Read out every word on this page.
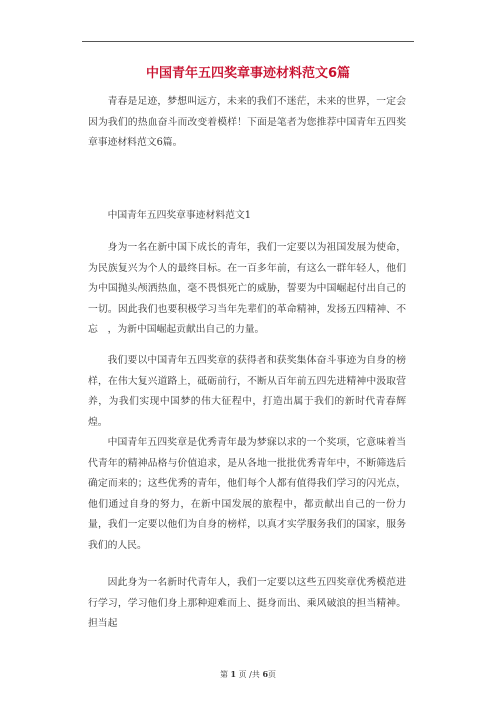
中国青年五四奖章事迹材料范文6篇

青春是足迹，梦想叫远方，未来的我们不迷茫，未来的世界，一定会因为我们的热血奋斗而改变着模样！下面是笔者为您推荐中国青年五四奖章事迹材料范文6篇。

中国青年五四奖章事迹材料范文1

身为一名在新中国下成长的青年，我们一定要以为祖国发展为使命，为民族复兴为个人的最终目标。在一百多年前，有这么一群年轻人，他们为中国抛头颅洒热血，毫不畏惧死亡的威胁，誓要为中国崛起付出自己的一切。因此我们也要积极学习当年先辈们的革命精神，发扬五四精神、不忘　，为新中国崛起贡献出自己的力量。

我们要以中国青年五四奖章的获得者和获奖集体奋斗事迹为自身的榜样，在伟大复兴道路上，砥砺前行，不断从百年前五四先进精神中汲取营养，为我们实现中国梦的伟大征程中，打造出属于我们的新时代青春辉煌。

中国青年五四奖章是优秀青年最为梦寐以求的一个奖项，它意味着当代青年的精神品格与价值追求，是从各地一批批优秀青年中，不断筛选后确定而来的；这些优秀的青年，他们每个人都有值得我们学习的闪光点，他们通过自身的努力，在新中国发展的旅程中，都贡献出自己的一份力量，我们一定要以他们为自身的榜样，以真才实学服务我们的国家，服务我们的人民。

因此身为一名新时代青年人，我们一定要以这些五四奖章优秀模范进行学习，学习他们身上那种迎难而上、挺身而出、乘风破浪的担当精神。担当起

第 1 页 /共 6页
